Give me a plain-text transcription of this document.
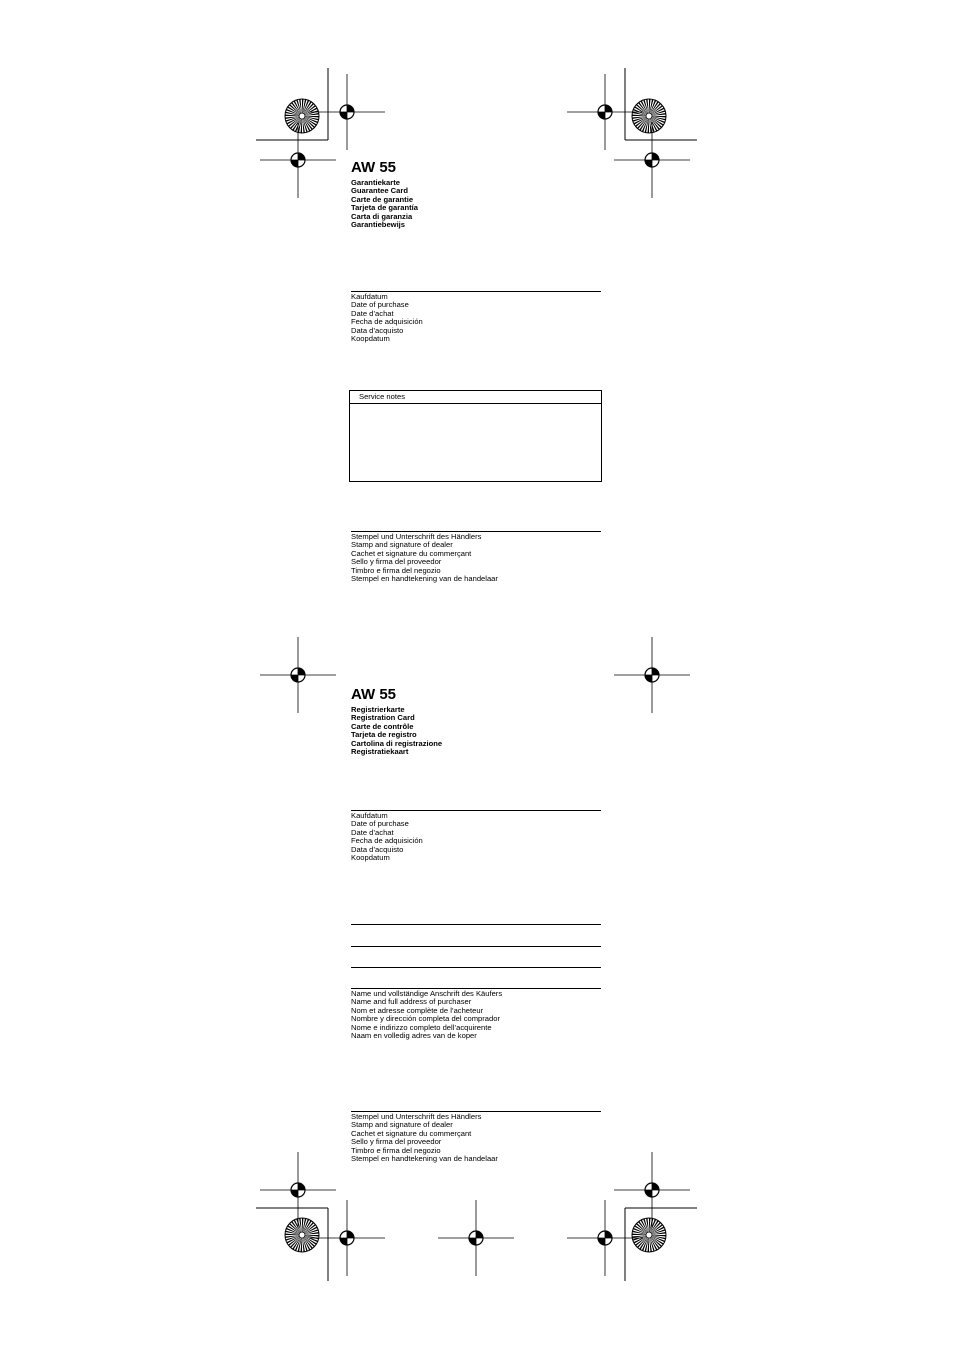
AW 55
Garantiekarte
Guarantee Card
Carte de garantie
Tarjeta de garantía
Carta di garanzia
Garantiebewijs
Kaufdatum
Date of purchase
Date d’achat
Fecha de adquisición
Data d’acquisto
Koopdatum
Service notes
Stempel und Unterschrift des Händlers
Stamp and signature of dealer
Cachet et signature du commerçant
Sello y firma del proveedor
Timbro e firma del negozio
Stempel en handtekening van de handelaar
AW 55
Registrierkarte
Registration Card
Carte de contrôle
Tarjeta de registro
Cartolina di registrazione
Registratiekaart
Kaufdatum
Date of purchase
Date d’achat
Fecha de adquisición
Data d’acquisto
Koopdatum
Name und vollständige Anschrift des Käufers
Name and full address of purchaser
Nom et adresse complète de l’acheteur
Nombre y dirección completa del comprador
Nome e indirizzo completo dell’acquirente
Naam en volledig adres van de koper
Stempel und Unterschrift des Händlers
Stamp and signature of dealer
Cachet et signature du commerçant
Sello y firma del proveedor
Timbro e firma del negozio
Stempel en handtekening van de handelaar
